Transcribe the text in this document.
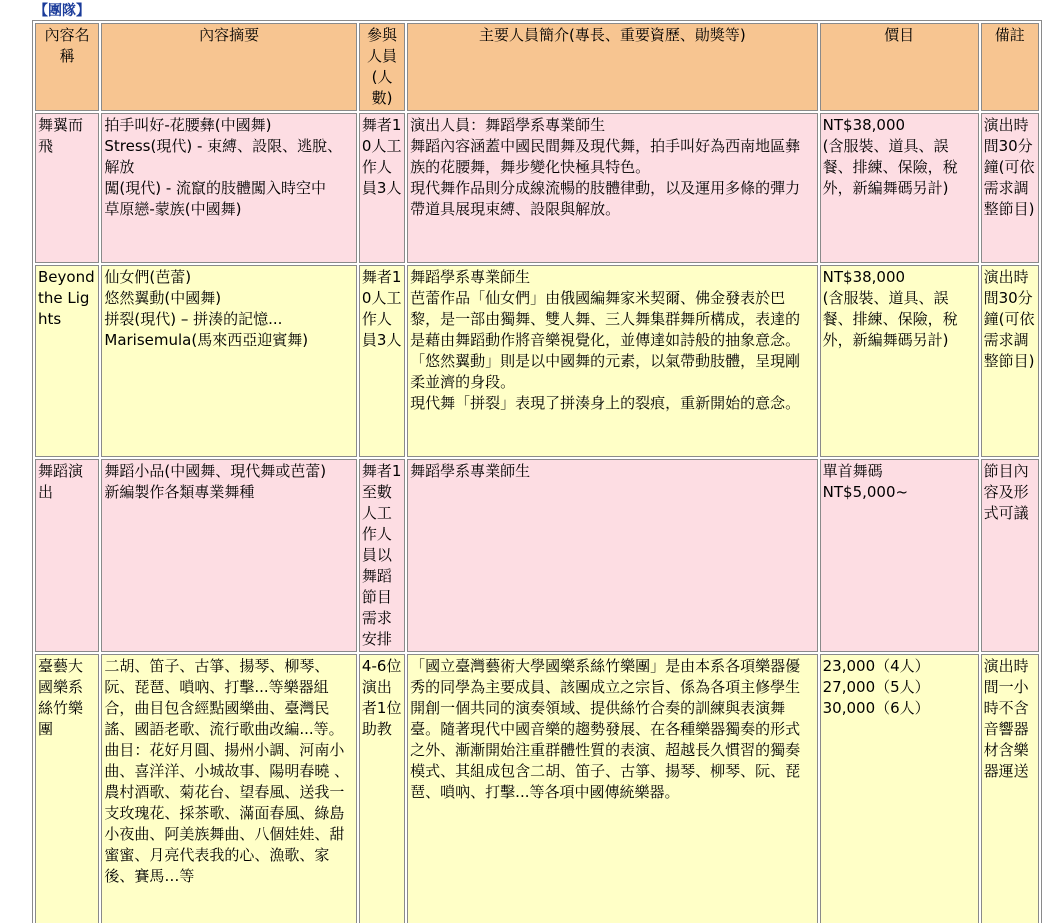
【團隊】
內容名稱	內容摘要	參與人員(人數)	主要人員簡介(專長、重要資歷、勛獎等)	價目	備註
舞翼而飛	拍手叫好-花腰彝(中國舞)
Stress(現代) - 束縛、設限、逃脫、解放
闖(現代) - 流竄的肢體闖入時空中
草原戀-蒙族(中國舞)	舞者10人工作人員3人	演出人員：舞蹈學系專業師生
舞蹈內容涵蓋中國民間舞及現代舞，拍手叫好為西南地區彝族的花腰舞，舞步變化快極具特色。
現代舞作品則分成線流暢的肢體律動，以及運用多條的彈力帶道具展現束縛、設限與解放。	NT$38,000
(含服裝、道具、誤餐、排練、保險，稅外，新編舞碼另計)	演出時間30分鐘(可依需求調整節目)
Beyond the Lights	仙女們(芭蕾)
悠然翼動(中國舞)
拼裂(現代) – 拼湊的記憶...
Marisemula(馬來西亞迎賓舞)	舞者10人工作人員3人	舞蹈學系專業師生
芭蕾作品「仙女們」由俄國編舞家米契爾、佛金發表於巴黎，是一部由獨舞、雙人舞、三人舞集群舞所構成，表達的是藉由舞蹈動作將音樂視覺化，並傳達如詩般的抽象意念。
「悠然翼動」則是以中國舞的元素，以氣帶動肢體，呈現剛柔並濟的身段。
現代舞「拼裂」表現了拼湊身上的裂痕，重新開始的意念。	NT$38,000
(含服裝、道具、誤餐、排練、保險，稅外，新編舞碼另計)	演出時間30分鐘(可依需求調整節目)
舞蹈演出	舞蹈小品(中國舞、現代舞或芭蕾)
新編製作各類專業舞種	舞者1至數人工作人員以舞蹈節目需求安排	舞蹈學系專業師生	單首舞碼
NT$5,000~	節目內容及形式可議
臺藝大國樂系絲竹樂團	二胡、笛子、古箏、揚琴、柳琴、阮、琵琶、嗩吶、打擊...等樂器組合，曲目包含經點國樂曲、臺灣民謠、國語老歌、流行歌曲改編...等。
曲目：花好月圓、揚州小調、河南小曲、喜洋洋、小城故事、陽明春曉 、農村酒歌、菊花台、望春風、送我一支玫瑰花、採茶歌、滿面春風、綠島小夜曲、阿美族舞曲、八個娃娃、甜蜜蜜、月亮代表我的心、漁歌、家後、賽馬…等	4-6位演出者1位助教	「國立臺灣藝術大學國樂系絲竹樂團」是由本系各項樂器優秀的同學為主要成員、該團成立之宗旨、係為各項主修學生開創一個共同的演奏領域、提供絲竹合奏的訓練與表演舞臺。隨著現代中國音樂的趨勢發展、在各種樂器獨奏的形式之外、漸漸開始注重群體性質的表演、超越長久慣習的獨奏模式、其組成包含二胡、笛子、古箏、揚琴、柳琴、阮、琵琶、嗩吶、打擊...等各項中國傳統樂器。	23,000（4人）
27,000（5人）
30,000（6人）	演出時間一小時不含音響器材含樂器運送
